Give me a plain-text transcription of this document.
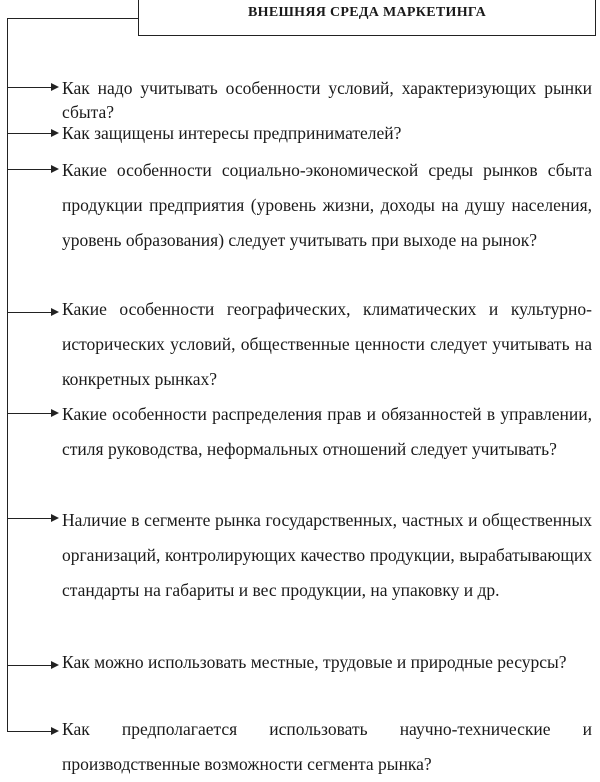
ВНЕШНЯЯ СРЕДА МАРКЕТИНГА
Как надо учитывать особенности условий, характеризующих рынки сбыта?
Как защищены интересы предпринимателей?
Какие особенности социально-экономической среды рынков сбыта продукции предприятия (уровень жизни, доходы на душу населения, уровень образования) следует учитывать при выходе на рынок?
Какие особенности географических, климатических и культурно-исторических условий, общественные ценности следует учитывать на конкретных рынках?
Какие особенности распределения прав и обязанностей в управлении, стиля руководства, неформальных отношений следует учитывать?
Наличие в сегменте рынка государственных, частных и общественных организаций, контролирующих качество продукции, вырабатывающих стандарты на габариты и вес продукции, на упаковку и др.
Как можно использовать местные, трудовые и природные ресурсы?
Как предполагается использовать научно-технические и производственные возможности сегмента рынка?
